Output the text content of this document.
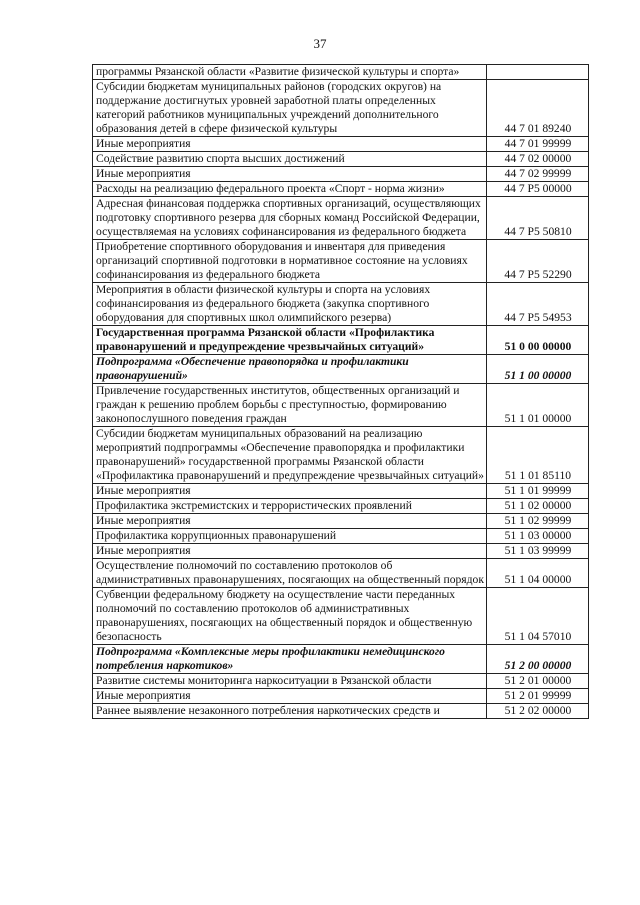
37
программы Рязанской области «Развитие физической культуры и спорта»	
Субсидии бюджетам муниципальных районов (городских округов) на поддержание достигнутых уровней заработной платы определенных категорий работников муниципальных учреждений дополнительного образования детей в сфере физической культуры	44 7 01 89240
Иные мероприятия	44 7 01 99999
Содействие развитию спорта высших достижений	44 7 02 00000
Иные мероприятия	44 7 02 99999
Расходы на реализацию федерального проекта «Спорт - норма жизни»	44 7 P5 00000
Адресная финансовая поддержка спортивных организаций, осуществляющих подготовку спортивного резерва для сборных команд Российской Федерации, осуществляемая на условиях софинансирования из федерального бюджета	44 7 P5 50810
Приобретение спортивного оборудования и инвентаря для приведения организаций спортивной подготовки в нормативное состояние на условиях софинансирования из федерального бюджета	44 7 P5 52290
Мероприятия в области физической культуры и спорта на условиях софинансирования из федерального бюджета (закупка спортивного оборудования для спортивных школ олимпийского резерва)	44 7 P5 54953
Государственная программа Рязанской области «Профилактика правонарушений и предупреждение чрезвычайных ситуаций»	51 0 00 00000
Подпрограмма «Обеспечение правопорядка и профилактики правонарушений»	51 1 00 00000
Привлечение государственных институтов, общественных организаций и граждан к решению проблем борьбы с преступностью, формированию законопослушного поведения граждан	51 1 01 00000
Субсидии бюджетам муниципальных образований на реализацию мероприятий подпрограммы «Обеспечение правопорядка и профилактики правонарушений» государственной программы Рязанской области «Профилактика правонарушений и предупреждение чрезвычайных ситуаций»	51 1 01 85110
Иные мероприятия	51 1 01 99999
Профилактика экстремистских и террористических проявлений	51 1 02 00000
Иные мероприятия	51 1 02 99999
Профилактика коррупционных правонарушений	51 1 03 00000
Иные мероприятия	51 1 03 99999
Осуществление полномочий по составлению протоколов об административных правонарушениях, посягающих на общественный порядок	51 1 04 00000
Субвенции федеральному бюджету на осуществление части переданных полномочий по составлению протоколов об административных правонарушениях, посягающих на общественный порядок и общественную безопасность	51 1 04 57010
Подпрограмма «Комплексные меры профилактики немедицинского потребления наркотиков»	51 2 00 00000
Развитие системы мониторинга наркоситуации в Рязанской области	51 2 01 00000
Иные мероприятия	51 2 01 99999
Раннее выявление незаконного потребления наркотических средств и	51 2 02 00000
